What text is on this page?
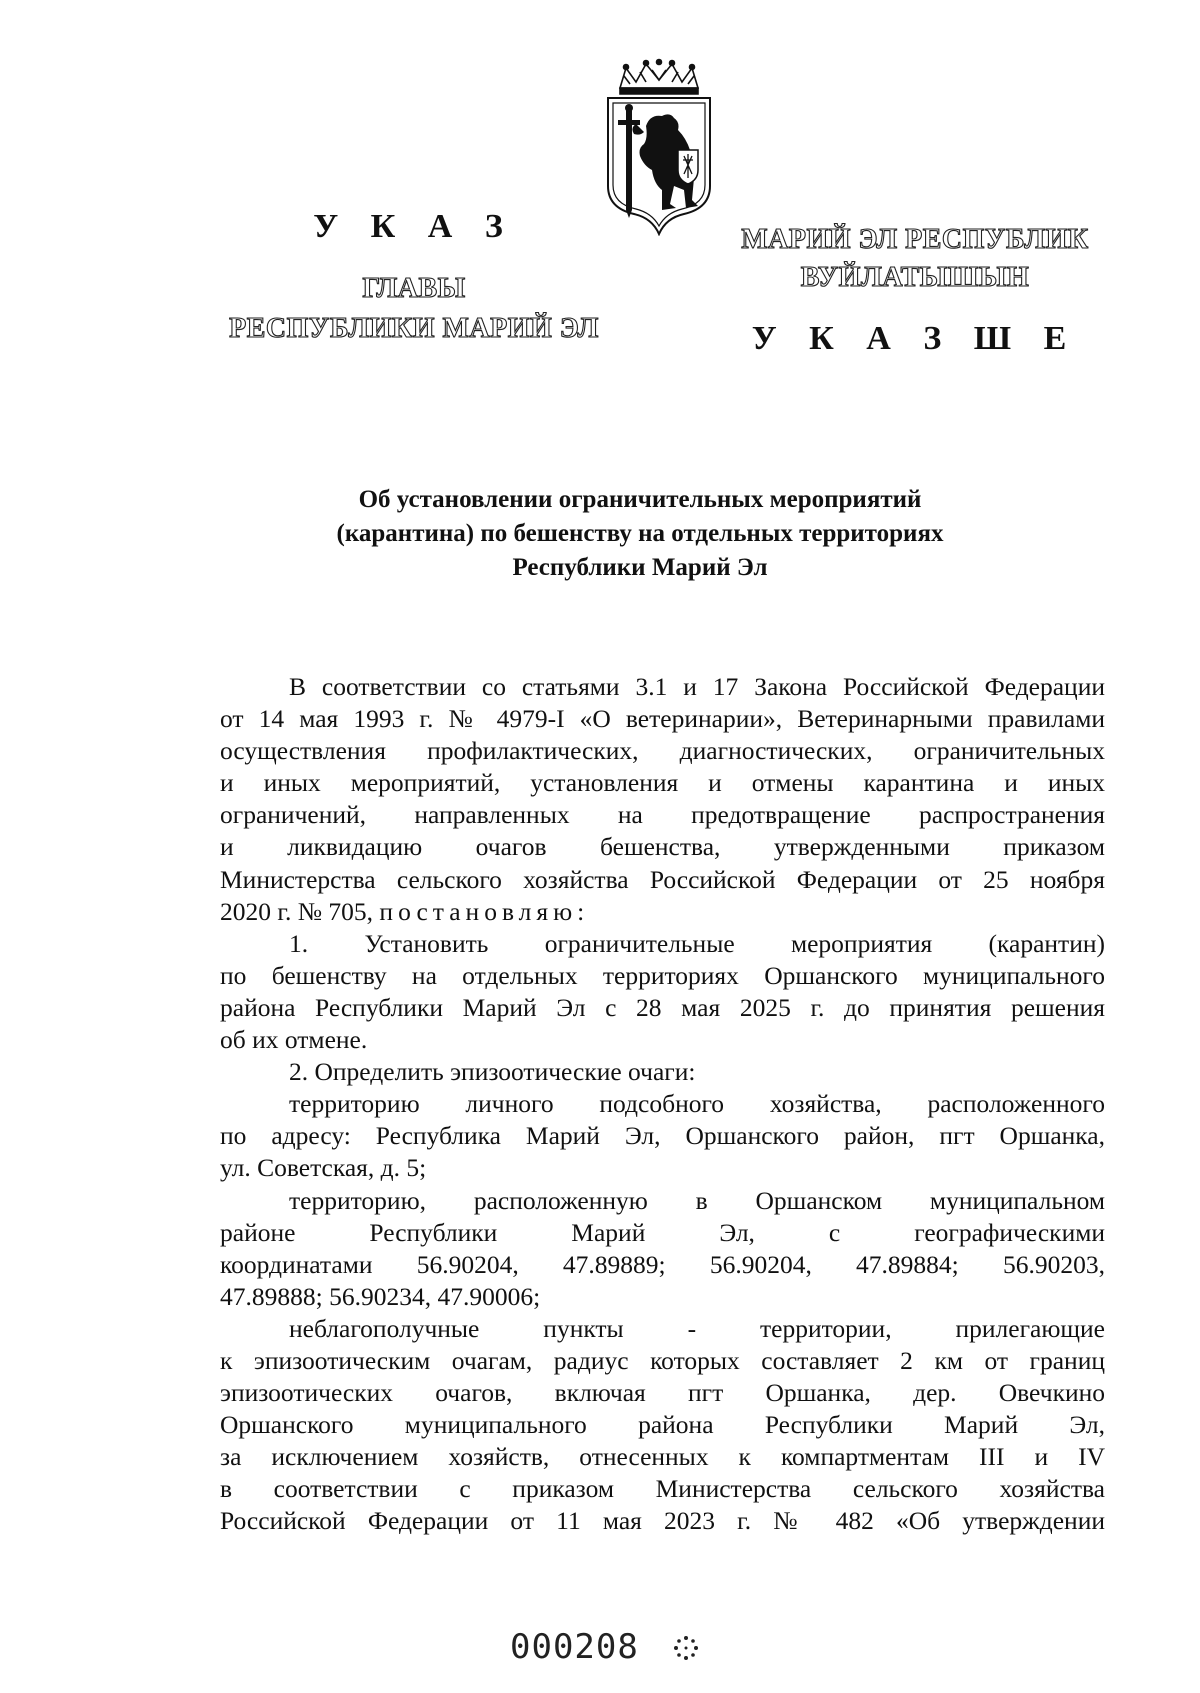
У К А З
ГЛАВЫ
РЕСПУБЛИКИ МАРИЙ ЭЛ
МАРИЙ ЭЛ РЕСПУБЛИК
ВУЙЛАТЫШЫН
У К А З Ш Е
Об установлении ограничительных мероприятий
(карантина) по бешенству на отдельных территориях
Республики Марий Эл

В соответствии со статьями 3.1 и 17 Закона Российской Федерации

от 14 мая 1993 г. № 4979-I «О ветеринарии», Ветеринарными правилами

осуществления профилактических, диагностических, ограничительных

и иных мероприятий, установления и отмены карантина и иных

ограничений, направленных на предотвращение распространения

и ликвидацию очагов бешенства, утвержденными приказом

Министерства сельского хозяйства Российской Федерации от 25 ноября

2020 г. № 705, постановляю:

1. Установить ограничительные мероприятия (карантин)

по бешенству на отдельных территориях Оршанского муниципального

района Республики Марий Эл с 28 мая 2025 г. до принятия решения

об их отмене.

2. Определить эпизоотические очаги:

территорию личного подсобного хозяйства, расположенного

по адресу: Республика Марий Эл, Оршанского район, пгт Оршанка,

ул. Советская, д. 5;

территорию, расположенную в Оршанском муниципальном

районе Республики Марий Эл, с географическими

координатами 56.90204, 47.89889; 56.90204, 47.89884; 56.90203,

47.89888; 56.90234, 47.90006;

неблагополучные пункты - территории, прилегающие

к эпизоотическим очагам, радиус которых составляет 2 км от границ

эпизоотических очагов, включая пгт Оршанка, дер. Овечкино

Оршанского муниципального района Республики Марий Эл,

за исключением хозяйств, отнесенных к компартментам III и IV

в соответствии с приказом Министерства сельского хозяйства

Российской Федерации от 11 мая 2023 г. № 482 «Об утверждении

000208
